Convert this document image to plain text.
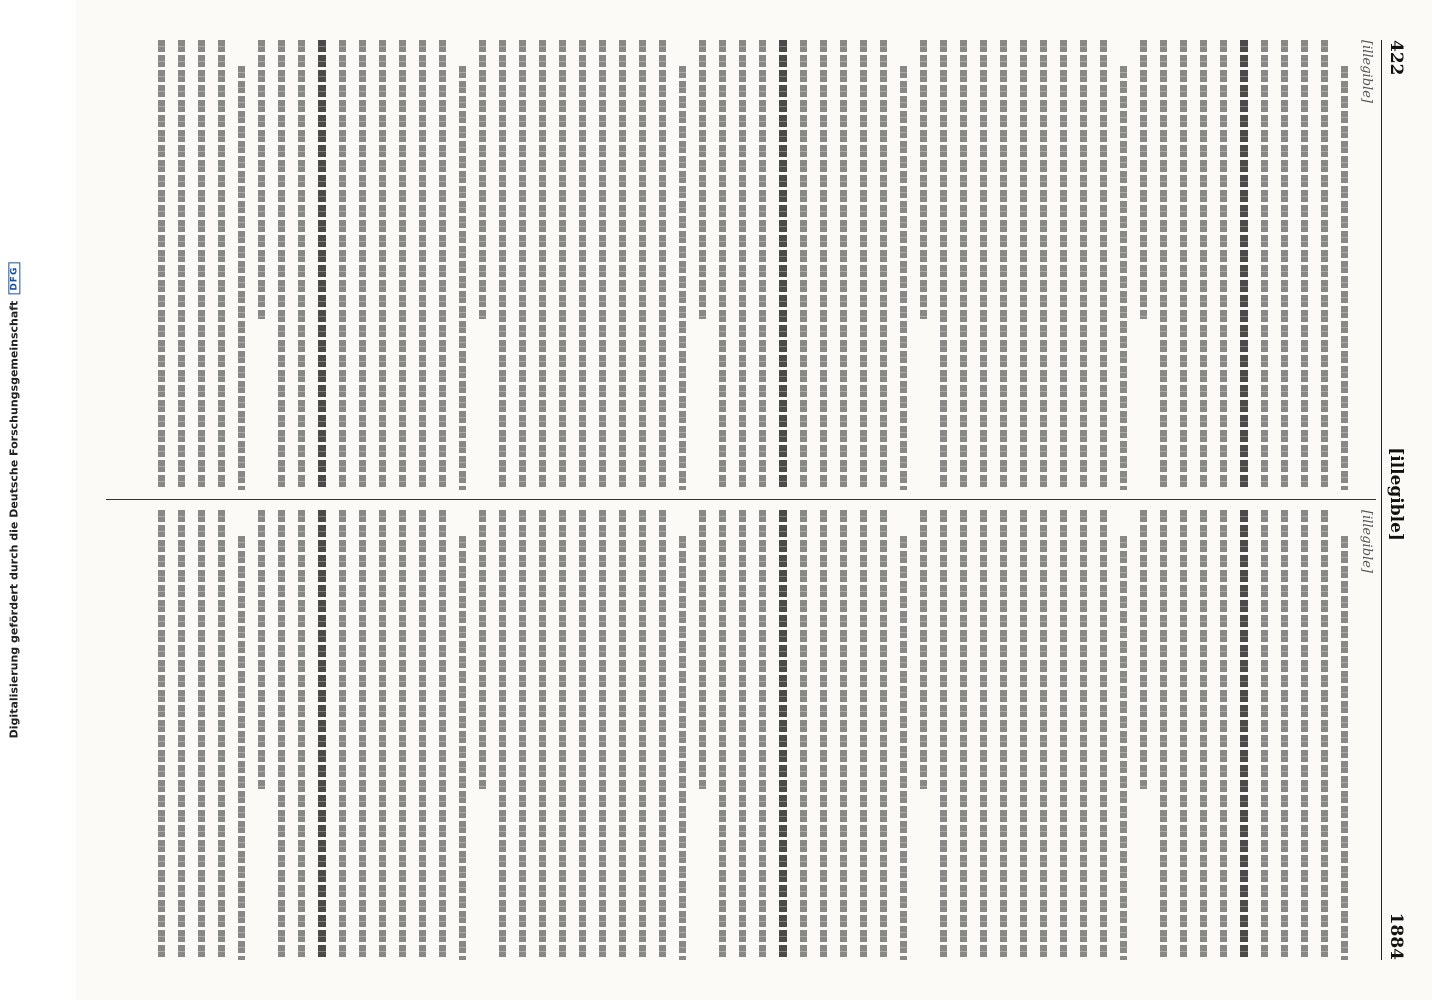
422
[illegible]
1884

[illegible]

[illegible]

Digitalisierung gefördert durch die Deutsche Forschungsgemeinschaft
DFG
